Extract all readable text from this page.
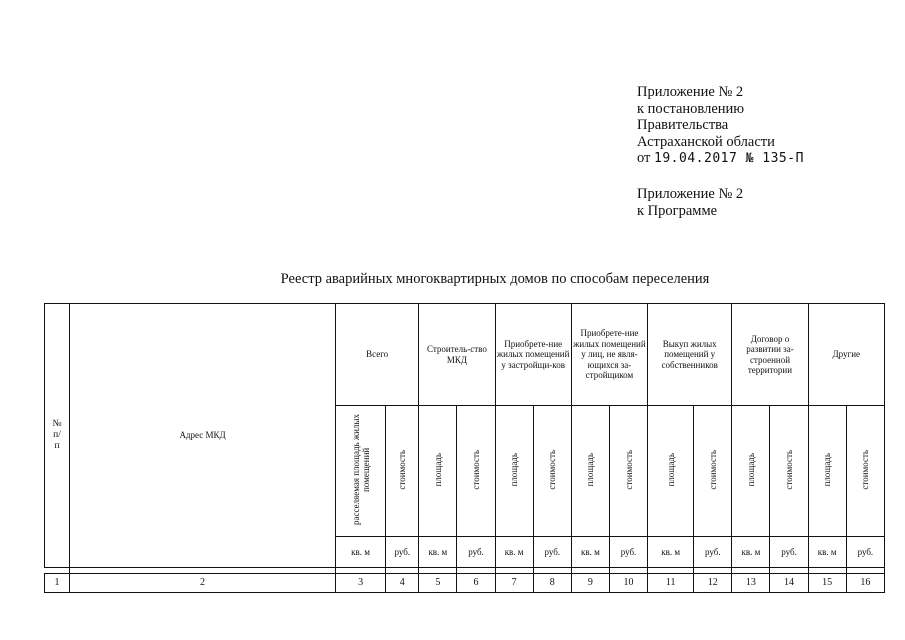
Приложение № 2
к постановлению
Правительства
Астраханской области
от 19.04.2017 № 135-П
Приложение № 2
к Программе
Реестр аварийных многоквартирных домов по способам переселения
№ п/ п	Адрес МКД	Всего		Строитель-ство МКД		Приобрете-ние жилых помещений у застройщи-ков		Приобрете-ние жилых помещений у лиц, не явля-ющихся за-стройщиком		Выкуп жилых помещений у собственников		Договор о развитии за-строенной территории		Другие	
		расселяемая площадь жилых помещений	стоимость	площадь	стоимость	площадь	стоимость	площадь	стоимость	площадь	стоимость	площадь	стоимость	площадь	стоимость
		кв. м	руб.	кв. м	руб.	кв. м	руб.	кв. м	руб.	кв. м	руб.	кв. м	руб.	кв. м	руб.

1	2	3	4	5	6	7	8	9	10	11	12	13	14	15	16
